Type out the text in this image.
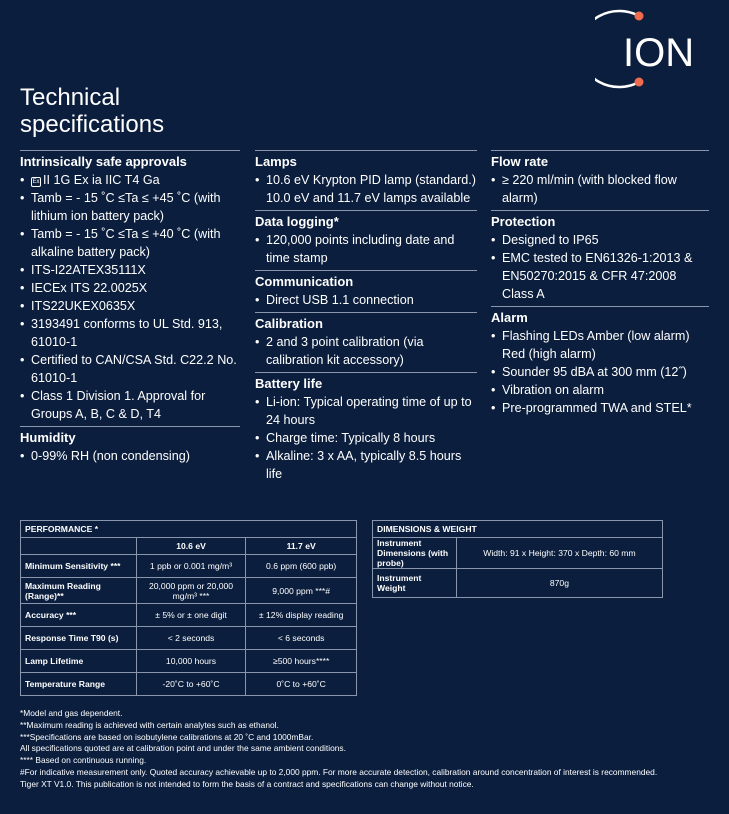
ION
Technical
specifications
Intrinsically safe approvals
• Ex II 1G Ex ia IIC T4 Ga
• Tamb = - 15 ˚C ≤Ta ≤ +45 ˚C (with lithium ion battery pack)
• Tamb = - 15 ˚C ≤Ta ≤ +40 ˚C (with alkaline battery pack)
• ITS-I22ATEX35111X
• IECEx ITS 22.0025X
• ITS22UKEX0635X
• 3193491 conforms to UL Std. 913, 61010-1
• Certified to CAN/CSA Std. C22.2 No. 61010-1
• Class 1 Division 1. Approval for Groups A, B, C & D, T4
Humidity
• 0-99% RH (non condensing)
Lamps
• 10.6 eV Krypton PID lamp (standard.) 10.0 eV and 11.7 eV lamps available
Data logging*
• 120,000 points including date and time stamp
Communication
• Direct USB 1.1 connection
Calibration
• 2 and 3 point calibration (via calibration kit accessory)
Battery life
• Li-ion: Typical operating time of up to 24 hours
• Charge time: Typically 8 hours
• Alkaline: 3 x AA, typically 8.5 hours life
Flow rate
• ≥ 220 ml/min (with blocked flow alarm)
Protection
• Designed to IP65
• EMC tested to EN61326-1:2013 & EN50270:2015 & CFR 47:2008 Class A
Alarm
• Flashing LEDs Amber (low alarm) Red (high alarm)
• Sounder 95 dBA at 300 mm (12˝)
• Vibration on alarm
• Pre-programmed TWA and STEL*
PERFORMANCE *		
	10.6 eV	11.7 eV
Minimum Sensitivity ***	1 ppb or 0.001 mg/m³	0.6 ppm (600 ppb)
Maximum Reading (Range)**	20,000 ppm or 20,000 mg/m³ ***	9,000 ppm ***#
Accuracy ***	± 5% or ± one digit	± 12% display reading
Response Time T90 (s)	< 2 seconds	< 6 seconds
Lamp Lifetime	10,000 hours	≥500 hours****
Temperature Range	-20˚C to +60˚C	0˚C to +60˚C
DIMENSIONS & WEIGHT	
Instrument Dimensions (with probe)	Width: 91 x Height: 370 x Depth: 60 mm
Instrument Weight	870g
*Model and gas dependent.
**Maximum reading is achieved with certain analytes such as ethanol.
***Specifications are based on isobutylene calibrations at 20 ˚C and 1000mBar.
All specifications quoted are at calibration point and under the same ambient conditions.
**** Based on continuous running.
#For indicative measurement only. Quoted accuracy achievable up to 2,000 ppm. For more accurate detection, calibration around concentration of interest is recommended.
Tiger XT V1.0. This publication is not intended to form the basis of a contract and specifications can change without notice.
